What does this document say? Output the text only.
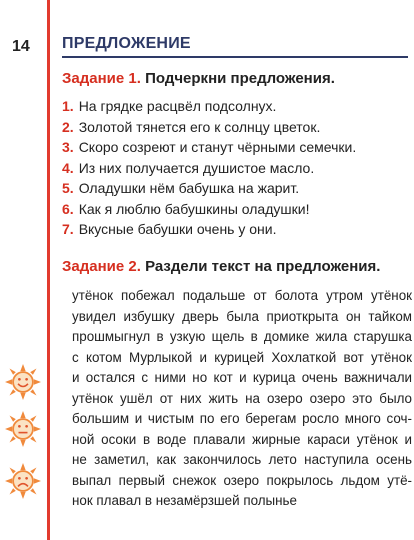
14 ПРЕДЛОЖЕНИЕ
Задание 1. Подчеркни предложения.
1. На грядке расцвёл подсолнух.
2. Золотой тянется его к солнцу цветок.
3. Скоро созреют и станут чёрными семечки.
4. Из них получается душистое масло.
5. Оладушки нём бабушка на жарит.
6. Как я люблю бабушкины оладушки!
7. Вкусные бабушки очень у они.
Задание 2. Раздели текст на предложения.
утёнок побежал подальше от болота утром утёнок
увидел избушку дверь была приоткрыта он тайком
прошмыгнул в узкую щель в домике жила старушка
с котом Мурлыкой и курицей Хохлаткой вот утёнок
и остался с ними но кот и курица очень важничали
утёнок ушёл от них жить на озеро озеро это было
большим и чистым по его берегам росло много соч-
ной осоки в воде плавали жирные караси утёнок и
не заметил, как закончилось лето наступила осень
выпал первый снежок озеро покрылось льдом утё-
нок плавал в незамёрзшей полынье
